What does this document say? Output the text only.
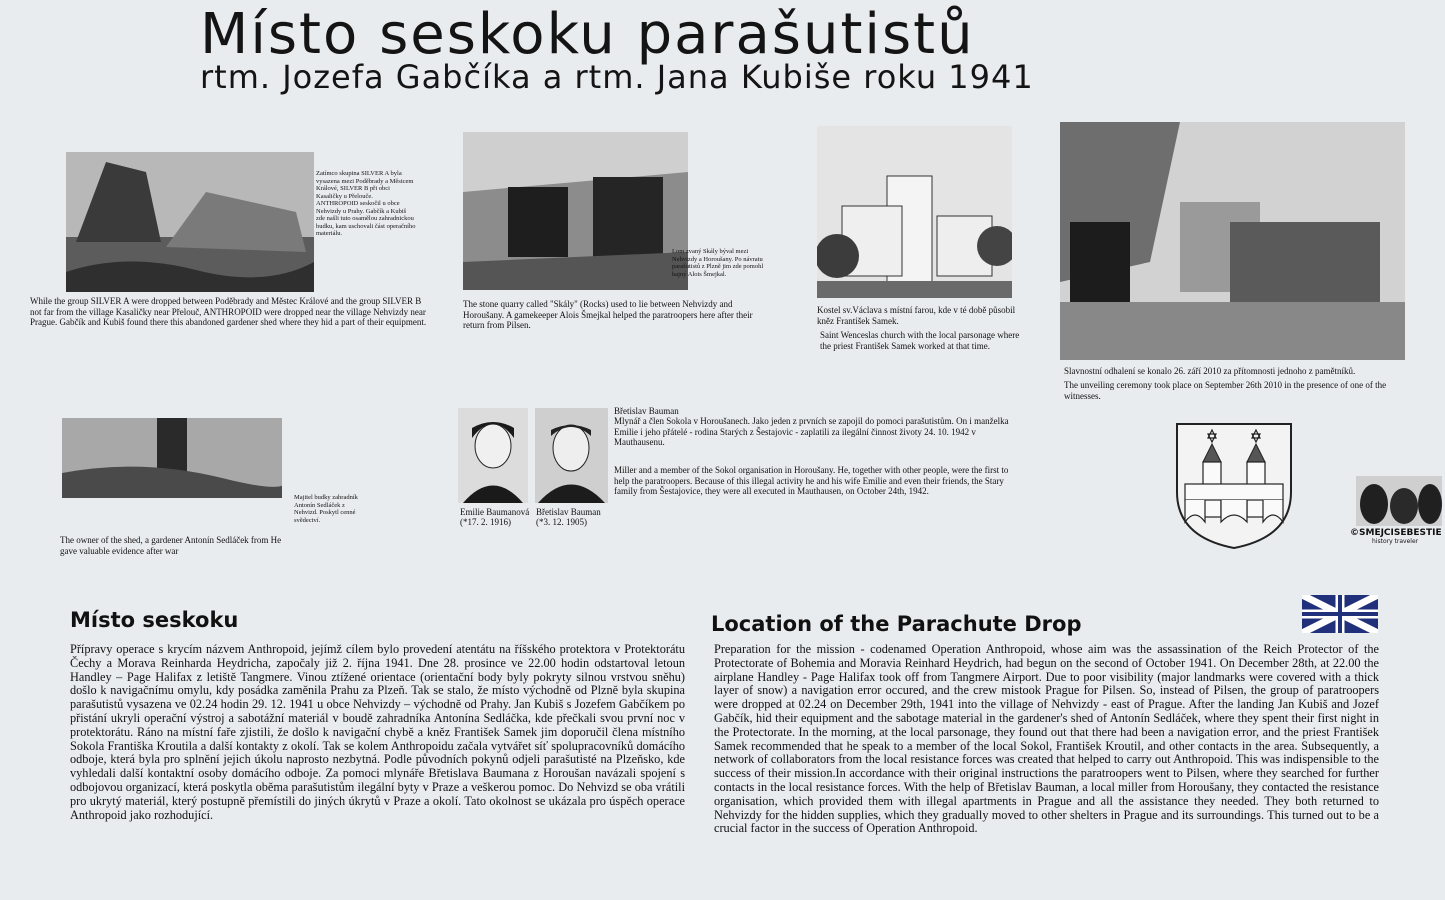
Místo seskoku parašutistů
rtm. Jozefa Gabčíka a rtm. Jana Kubiše roku 1941
Zatímco skupina SILVER A byla vysazena mezi Poděbrady a Městcem Králové, SILVER B při obci Kasaličky u Přelouče. ANTHROPOID seskočil u obce Nehvizdy u Prahy. Gabčík a Kubiš zde našli tuto osamělou zahradnickou budku, kam uschovali část operačního materiálu.
While the group SILVER A were dropped between Poděbrady and Městec Králové and the group SILVER B not far from the village Kasaličky near Přelouč, ANTHROPOID were dropped near the village Nehvizdy near Prague. Gabčík and Kubiš found there this abandoned gardener shed where they hid a part of their equipment.
Lom zvaný Skály býval mezi Nehvizdy a Horoušany. Po návratu parašutistů z Plzně jim zde pomohl hajný Alois Šmejkal.
The stone quarry called "Skály" (Rocks) used to lie between Nehvizdy and Horoušany. A gamekeeper Alois Šmejkal helped the paratroopers here after their return from Pilsen.
Kostel sv.Václava s místní farou, kde v té době působil kněz František Samek.
Saint Wenceslas church with the local parsonage where the priest František Samek worked at that time.
Slavnostní odhalení se konalo 26. září 2010 za přítomnosti jednoho z pamětníků.
The unveiling ceremony took place on September 26th 2010 in the presence of one of the witnesses.
Majitel budky zahradník Antonín Sedláček z Nehvizd. Poskytl cenné svědectví.
The owner of the shed, a gardener Antonín Sedláček from He gave valuable evidence after war
Emilie Baumanová
(*17. 2. 1916)
Břetislav Bauman
(*3. 12. 1905)
Břetislav Bauman
Mlynář a člen Sokola v Horoušanech. Jako jeden z prvních se zapojil do pomoci parašutistům. On i manželka Emilie i jeho přátelé - rodina Starých z Šestajovic - zaplatili za ilegální činnost životy 24. 10. 1942 v Mauthausenu.
Miller and a member of the Sokol organisation in Horoušany. He, together with other people, were the first to help the paratroopers. Because of this illegal activity he and his wife Emilie and even their friends, the Stary family from Šestajovice, they were all executed in Mauthausen, on October 24th, 1942.
©SMEJCISEBESTIE
history traveler
Místo seskoku

Přípravy operace s krycím názvem Anthropoid, jejímž cílem bylo provedení atentátu na říšského protektora v Protektorátu Čechy a Morava Reinharda Heydricha, započaly již 2. října 1941. Dne 28. prosince ve 22.00 hodin odstartoval letoun Handley – Page Halifax z letiště Tangmere. Vinou ztížené orientace (orientační body byly pokryty silnou vrstvou sněhu) došlo k navigačnímu omylu, kdy posádka zaměnila Prahu za Plzeň. Tak se stalo, že místo východně od Plzně byla skupina parašutistů vysazena ve 02.24 hodin 29. 12. 1941 u obce Nehvizdy – východně od Prahy. Jan Kubiš s Jozefem Gabčíkem po přistání ukryli operační výstroj a sabotážní materiál v boudě zahradníka Antonína Sedláčka, kde přečkali svou první noc v protektorátu. Ráno na místní faře zjistili, že došlo k navigační chybě a kněz František Samek jim doporučil člena místního Sokola Františka Kroutila a další kontakty z okolí. Tak se kolem Anthropoidu začala vytvářet síť spolupracovníků domácího odboje, která byla pro splnění jejich úkolu naprosto nezbytná. Podle původních pokynů odjeli parašutisté na Plzeňsko, kde vyhledali další kontaktní osoby domácího odboje. Za pomoci mlynáře Břetislava Baumana z Horoušan navázali spojení s odbojovou organizací, která poskytla oběma parašutistům ilegální byty v Praze a veškerou pomoc. Do Nehvizd se oba vrátili pro ukrytý materiál, který postupně přemístili do jiných úkrytů v Praze a okolí. Tato okolnost se ukázala pro úspěch operace Anthropoid jako rozhodující.

Location of the Parachute Drop

Preparation for the mission - codenamed Operation Anthropoid, whose aim was the assassination of the Reich Protector of the Protectorate of Bohemia and Moravia Reinhard Heydrich, had begun on the second of October 1941. On December 28th, at 22.00 the airplane Handley - Page Halifax took off from Tangmere Airport. Due to poor visibility (major landmarks were covered with a thick layer of snow) a navigation error occured, and the crew mistook Prague for Pilsen. So, instead of Pilsen, the group of paratroopers were dropped at 02.24 on December 29th, 1941 into the village of Nehvizdy - east of Prague. After the landing Jan Kubiš and Jozef Gabčík, hid their equipment and the sabotage material in the gardener's shed of Antonín Sedláček, where they spent their first night in the Protectorate. In the morning, at the local parsonage, they found out that there had been a navigation error, and the priest František Samek recommended that he speak to a member of the local Sokol, František Kroutil, and other contacts in the area. Subsequently, a network of collaborators from the local resistance forces was created that helped to carry out Anthropoid. This was indispensible to the success of their mission.In accordance with their original instructions the paratroopers went to Pilsen, where they searched for further contacts in the local resistance forces. With the help of Břetislav Bauman, a local miller from Horoušany, they contacted the resistance organisation, which provided them with illegal apartments in Prague and all the assistance they needed. They both returned to Nehvizdy for the hidden supplies, which they gradually moved to other shelters in Prague and its surroundings. This turned out to be a crucial factor in the success of Operation Anthropoid.
